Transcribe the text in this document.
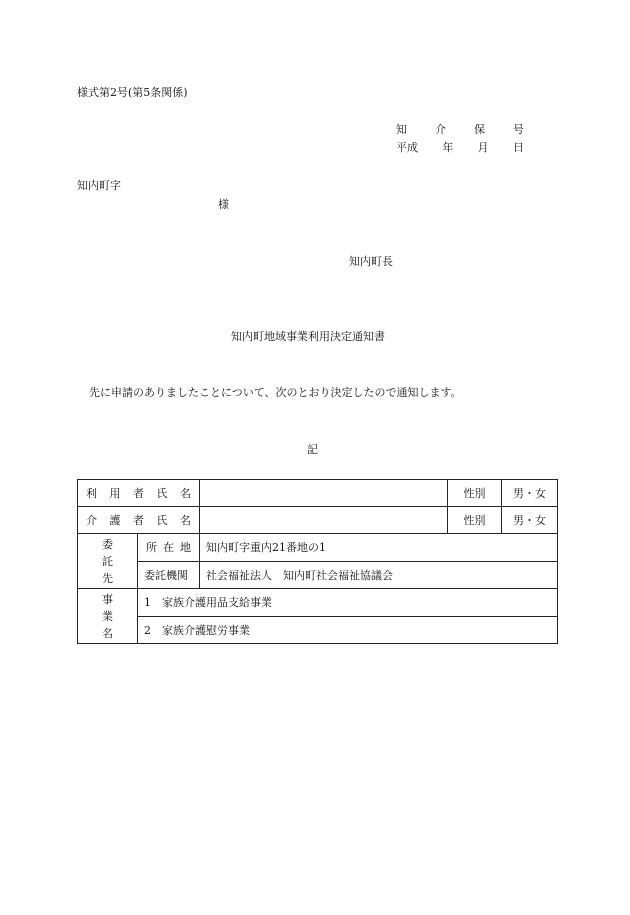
様式第2号(第5条関係)
知	介	保	号
平成 年 月 日
知内町字
様
知内町長
知内町地域事業利用決定通知書
先に申請のありましたことについて、次のとおり決定したので通知します。
記
利 用 者 氏 名			性別	男・女

介 護 者 氏 名			性別	男・女

委
託
先	所 在 地	知内町字重内21番地の1		
	委託機関	社会福祉法人　知内町社会福祉協議会		

事
業
名	1　家族介護用品支給事業			
	2　家族介護慰労事業			
